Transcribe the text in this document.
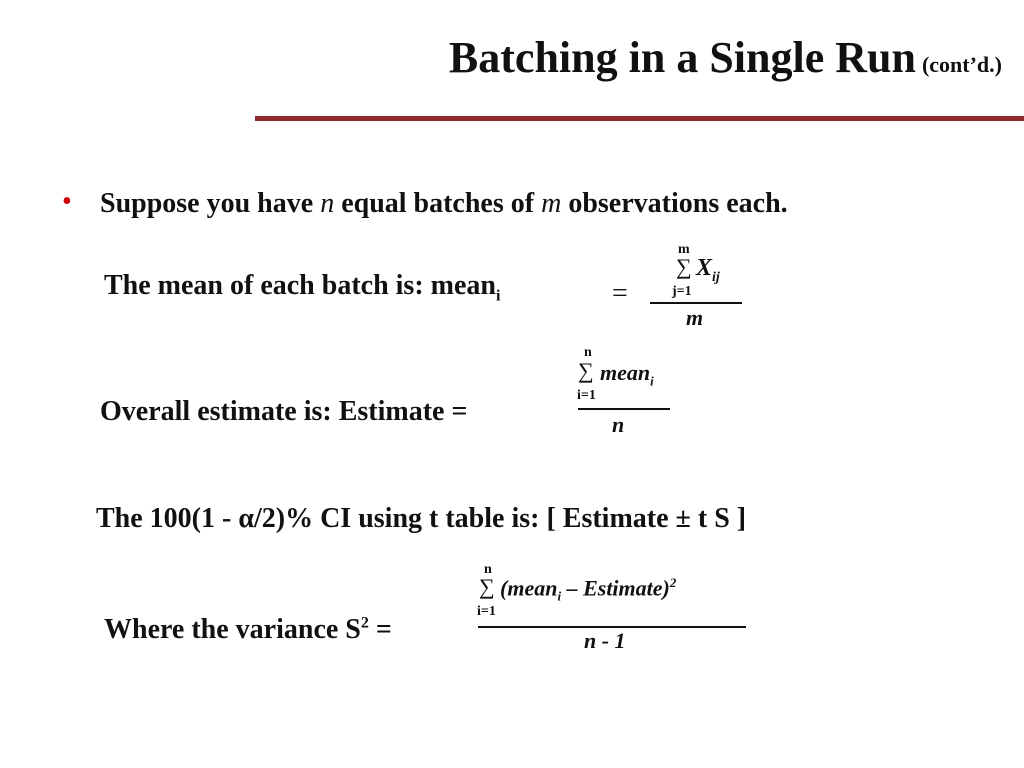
Batching in a Single Run (cont’d.)
• Suppose you have n equal batches of m observations each.
The mean of each batch is: mean$_i$	=
m
∑
j=1
$X_{ij}$
m
Overall estimate is: Estimate =
n
∑
i=1
mean$_i$
n
The 100(1 - α/2)% CI using t table is: [ Estimate ± t S ]
Where the variance $S^2$ =
n
∑
i=1
(mean$_i$ – Estimate)$^2$
n - 1
